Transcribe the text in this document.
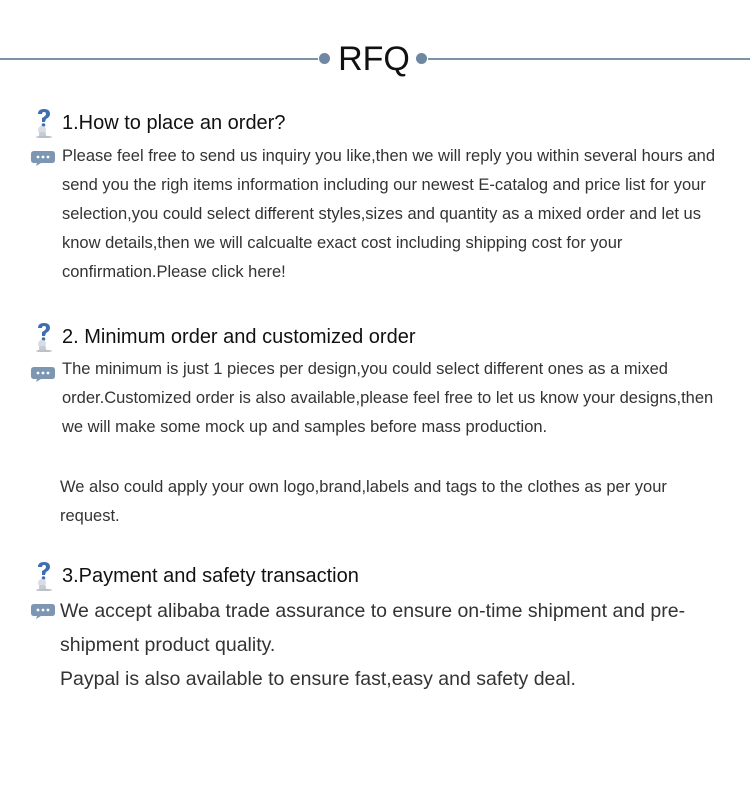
RFQ
1.How to place an order?

Please feel free to send us inquiry you like,then we will reply you within several hours and send you the righ items information including our newest E-catalog and price list for your selection,you could select different styles,sizes and quantity as a mixed order and let us know details,then we will calcualte exact cost including shipping cost for your confirmation.Please click here!

2. Minimum order and customized order

The minimum is just 1 pieces per design,you could select different ones as a mixed order.Customized order is also available,please feel free to let us know your designs,then we will make some mock up and samples before mass production.

We also could apply your own logo,brand,labels and tags to the clothes as per your request.

3.Payment and safety transaction

We accept alibaba trade assurance to ensure on-time shipment and pre-shipment product quality.

Paypal is also available to ensure fast,easy and safety deal.
